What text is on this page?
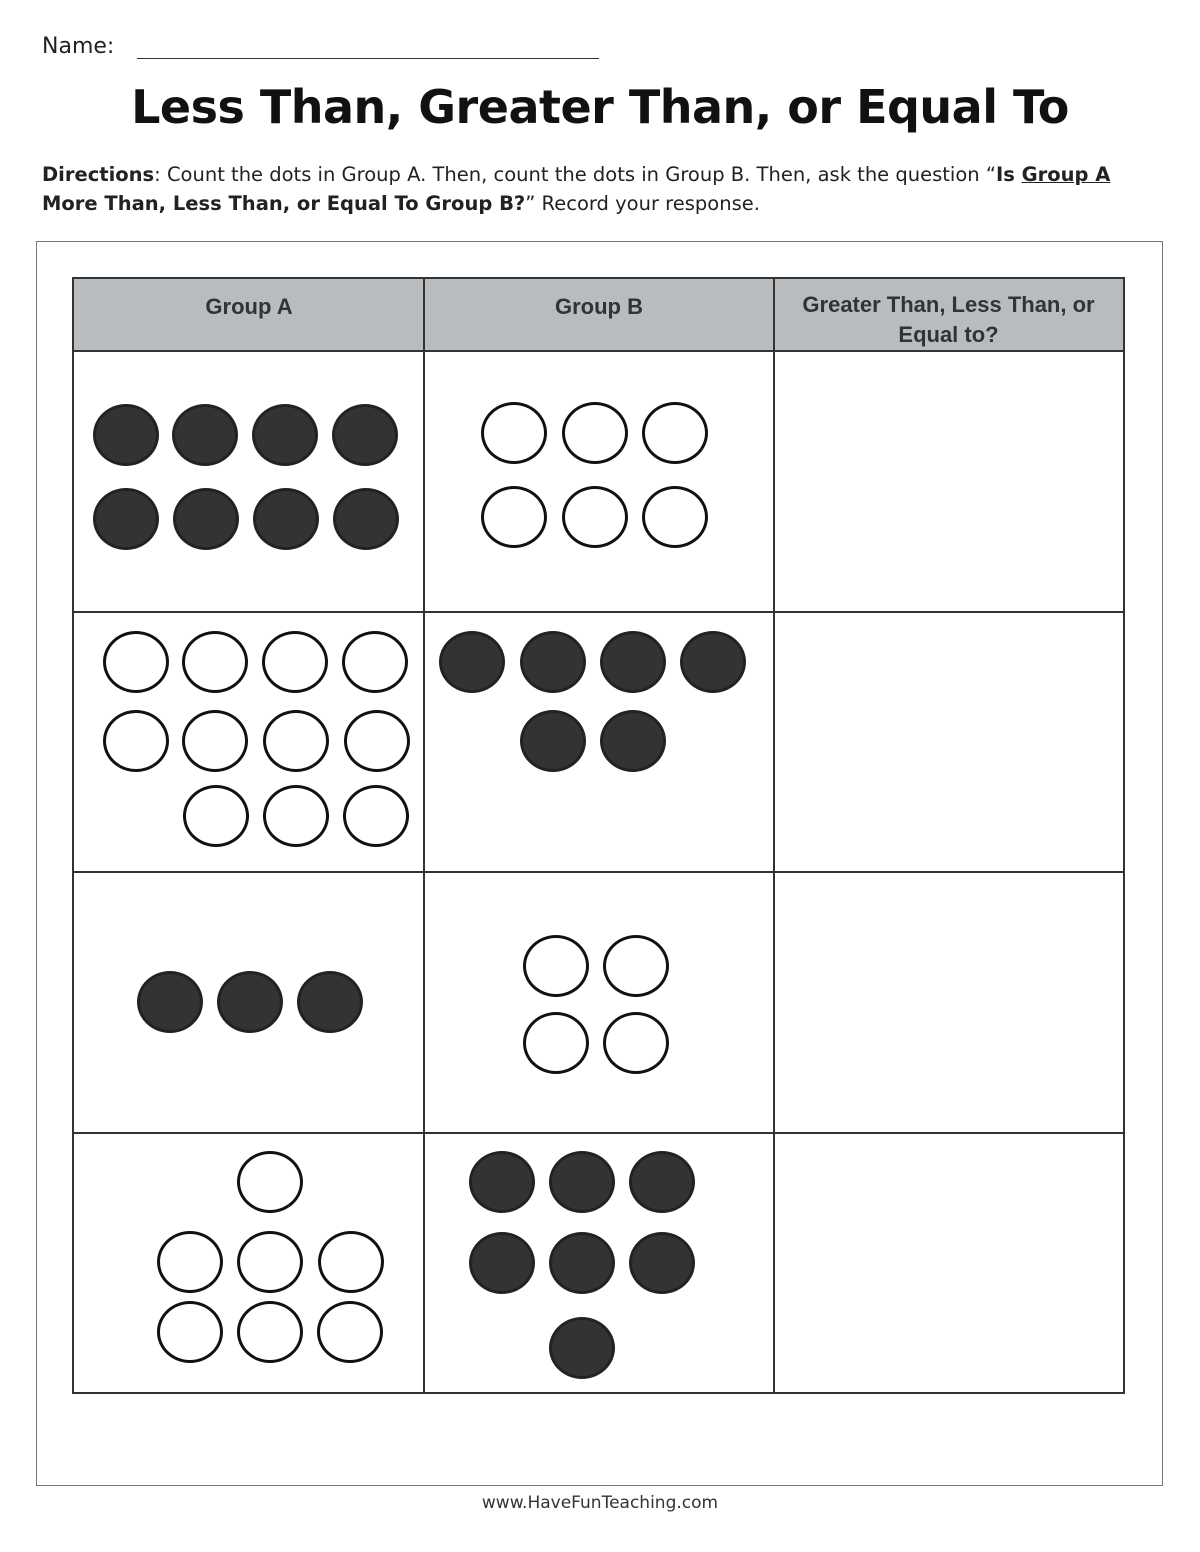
Name:
Less Than, Greater Than, or Equal To
Directions: Count the dots in Group A. Then, count the dots in Group B. Then, ask the question “Is Group A More Than, Less Than, or Equal To Group B?” Record your response.
Group A	Group B	Greater Than, Less Than, or Equal to?
www.HaveFunTeaching.com
